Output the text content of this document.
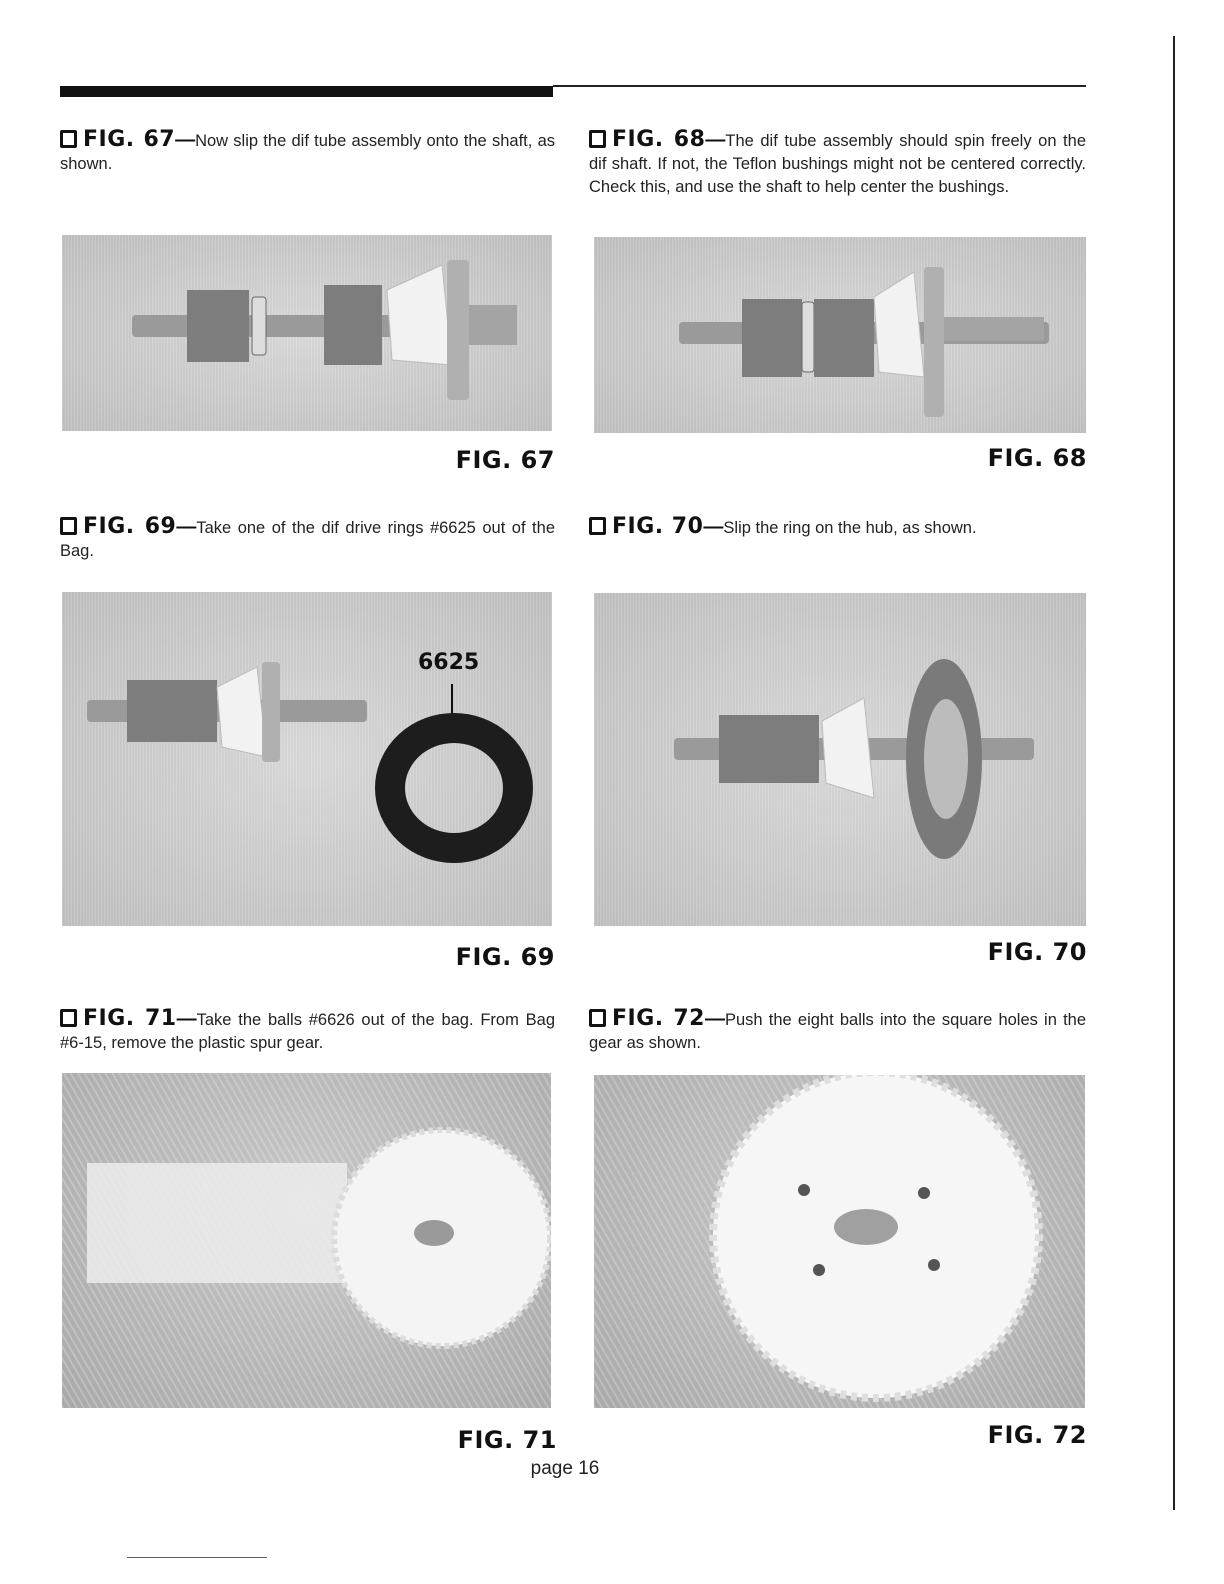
FIG. 67—Now slip the dif tube assembly onto the shaft, as shown.
FIG. 67
FIG. 68—The dif tube assembly should spin freely on the dif shaft. If not, the Teflon bushings might not be centered correctly. Check this, and use the shaft to help center the bushings.
FIG. 68
FIG. 69—Take one of the dif drive rings #6625 out of the Bag.
6625
FIG. 69
FIG. 70—Slip the ring on the hub, as shown.
FIG. 70
FIG. 71—Take the balls #6626 out of the bag. From Bag #6-15, remove the plastic spur gear.
FIG. 71
FIG. 72—Push the eight balls into the square holes in the gear as shown.
FIG. 72
page 16
